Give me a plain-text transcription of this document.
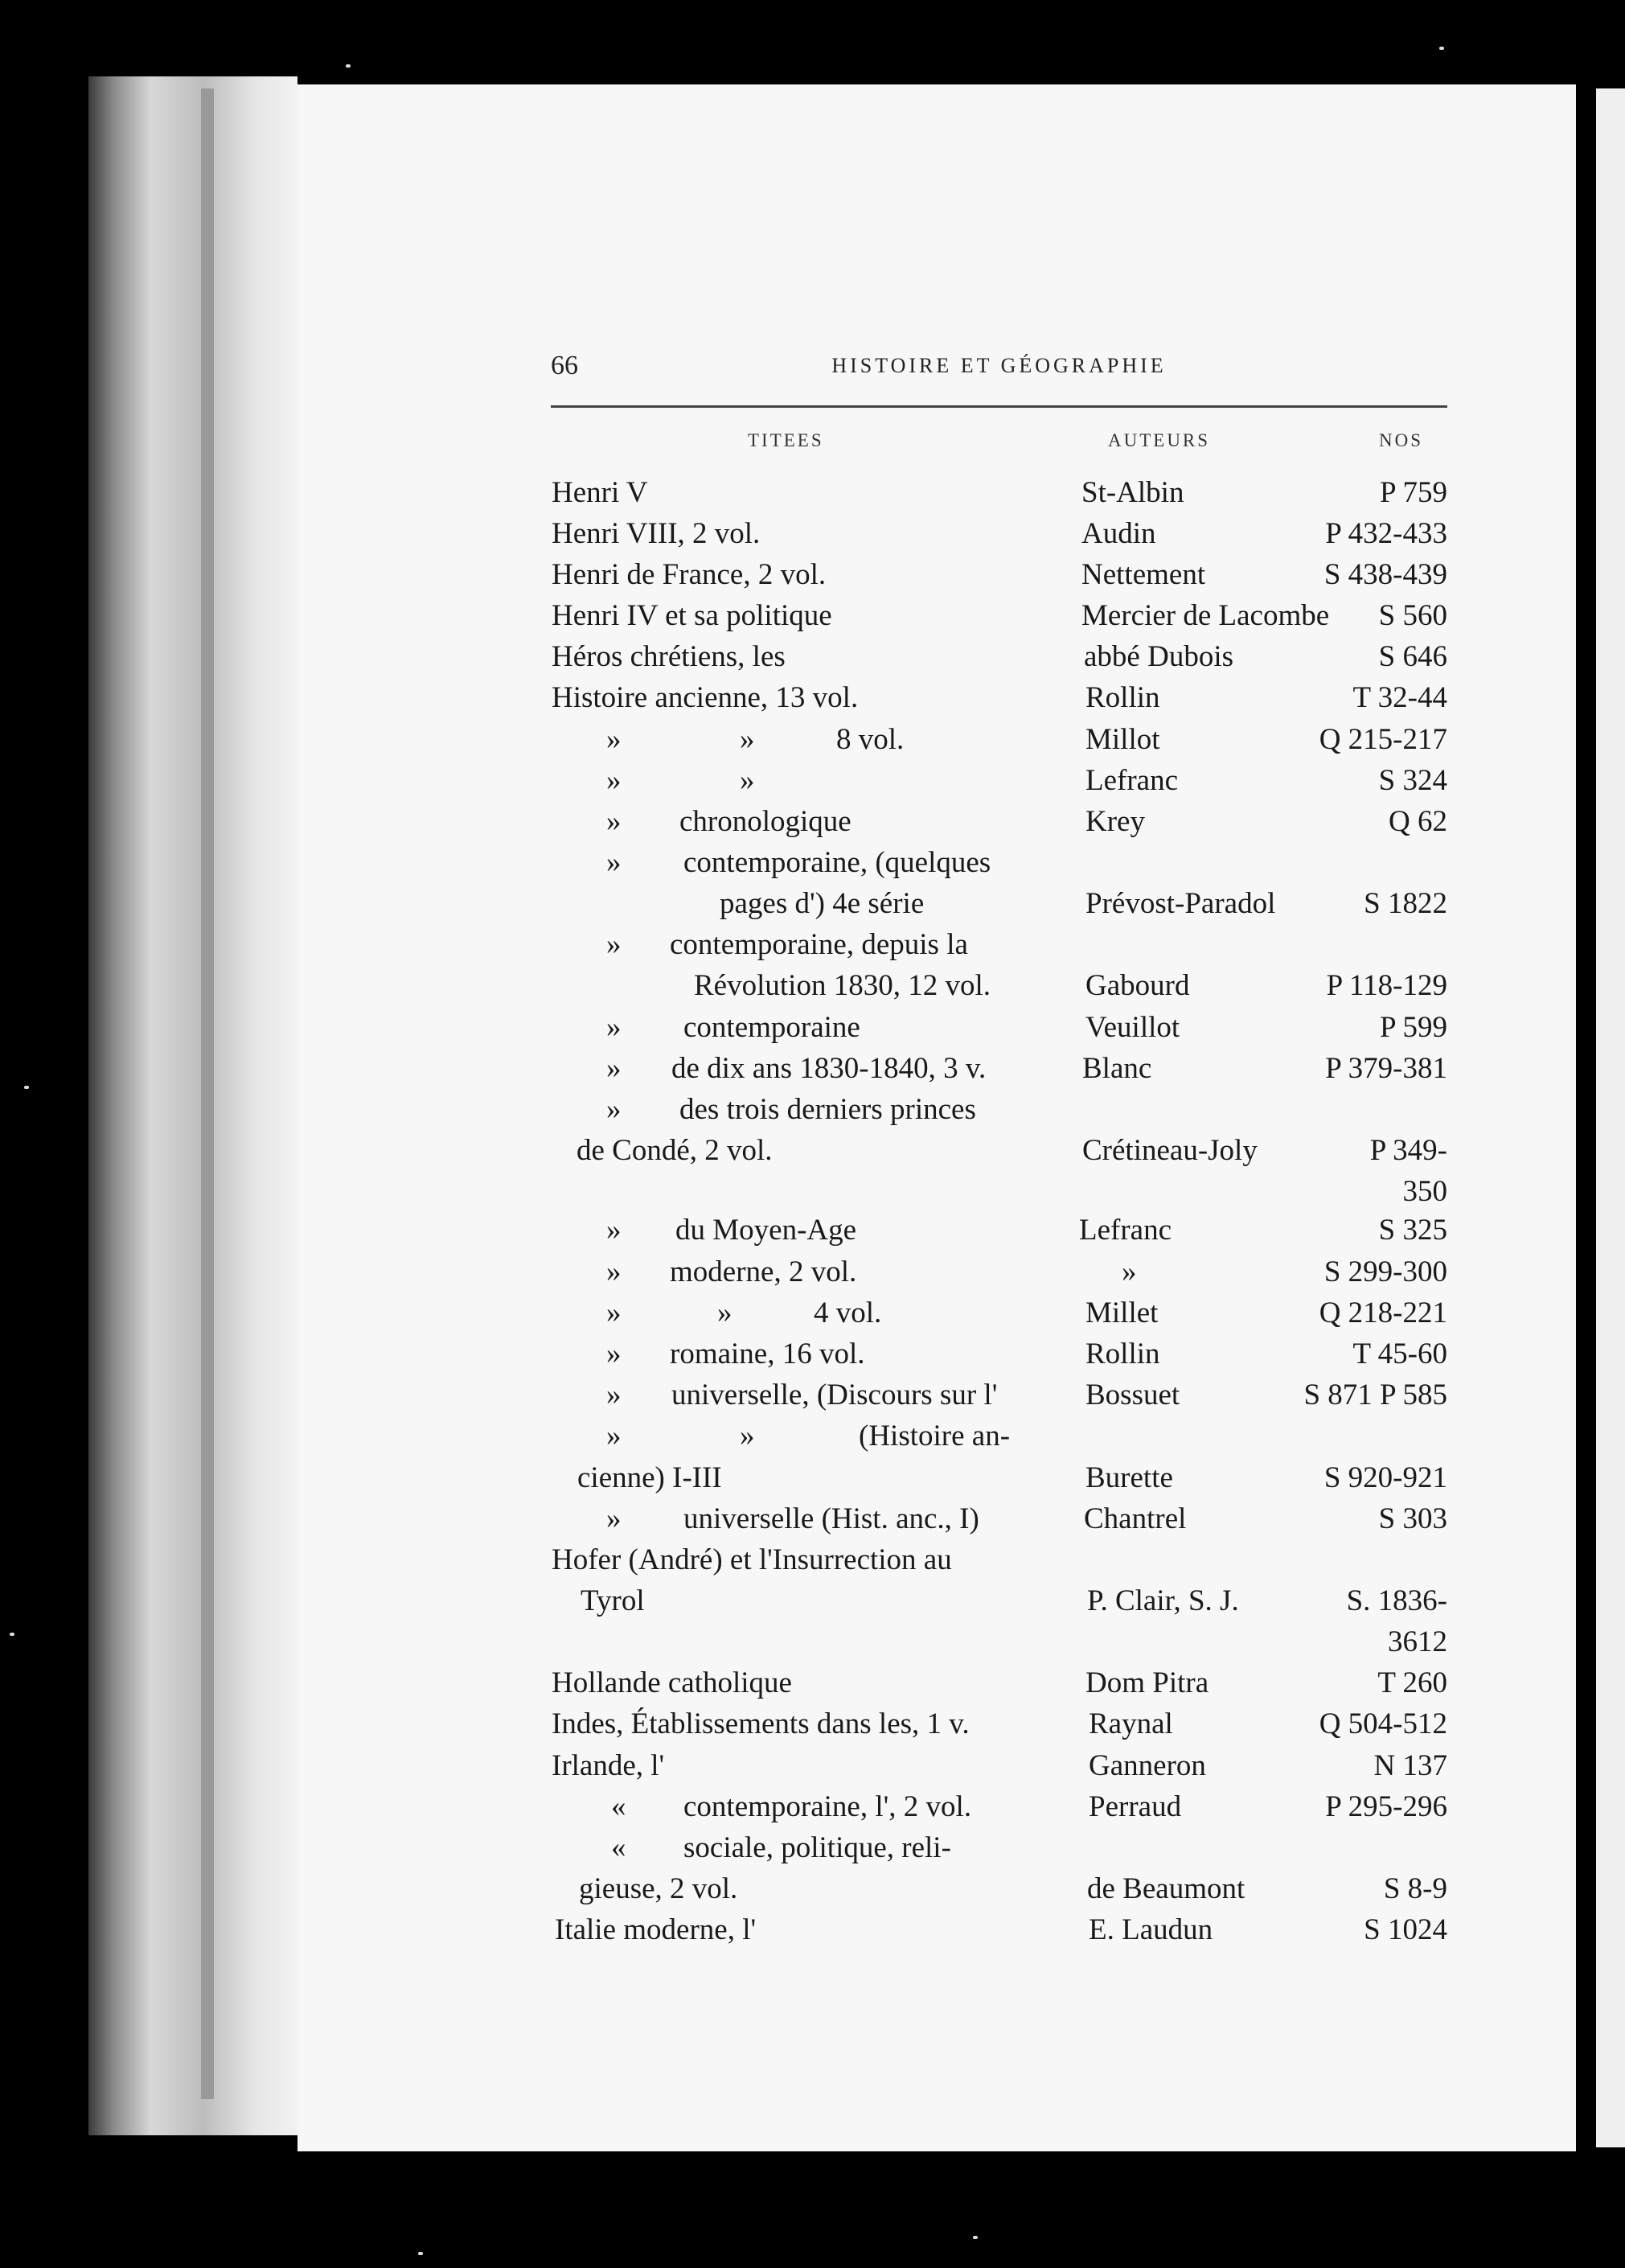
66	HISTOIRE ET GÉOGRAPHIE
TITEES	AUTEURS	NOS
Henri V	St-Albin	P 759
Henri VIII, 2 vol.	Audin	P 432-433
Henri de France, 2 vol.	Nettement	S 438-439
Henri IV et sa politique	Mercier de Lacombe S 560
Héros chrétiens, les	abbé Dubois	S 646
Histoire ancienne, 13 vol.	Rollin	T 32-44
»	»	8 vol.	Millot	Q 215-217
»	»	Lefranc	S 324
» chronologique	Krey	Q 62
» contemporaine, (quelques
pages d') 4e série	Prévost-Paradol	S 1822
» contemporaine, depuis la
Révolution 1830, 12 vol.	Gabourd	P 118-129
» contemporaine	Veuillot	P 599
» de dix ans 1830-1840, 3 v.	Blanc	P 379-381
» des trois derniers princes
de Condé, 2 vol.	Crétineau-Joly	P 349-
350
» du Moyen-Age	Lefranc	S 325
» moderne, 2 vol.	»	S 299-300
»	»	4 vol.	Millet	Q 218-221
» romaine, 16 vol.	Rollin	T 45-60
» universelle, (Discours sur l'	Bossuet	S 871 P 585
»	»	(Histoire an-
cienne) I-III	Burette	S 920-921
» universelle (Hist. anc., I)	Chantrel	S 303
Hofer (André) et l'Insurrection au
Tyrol	P. Clair, S. J.	S. 1836-
3612
Hollande catholique	Dom Pitra	T 260
Indes, Établissements dans les, 1 v.	Raynal	Q 504-512
Irlande, l'	Ganneron	N 137
« contemporaine, l', 2 vol.	Perraud	P 295-296
« sociale, politique, reli-
gieuse, 2 vol.	de Beaumont	S 8-9
Italie moderne, l'	E. Laudun	S 1024
